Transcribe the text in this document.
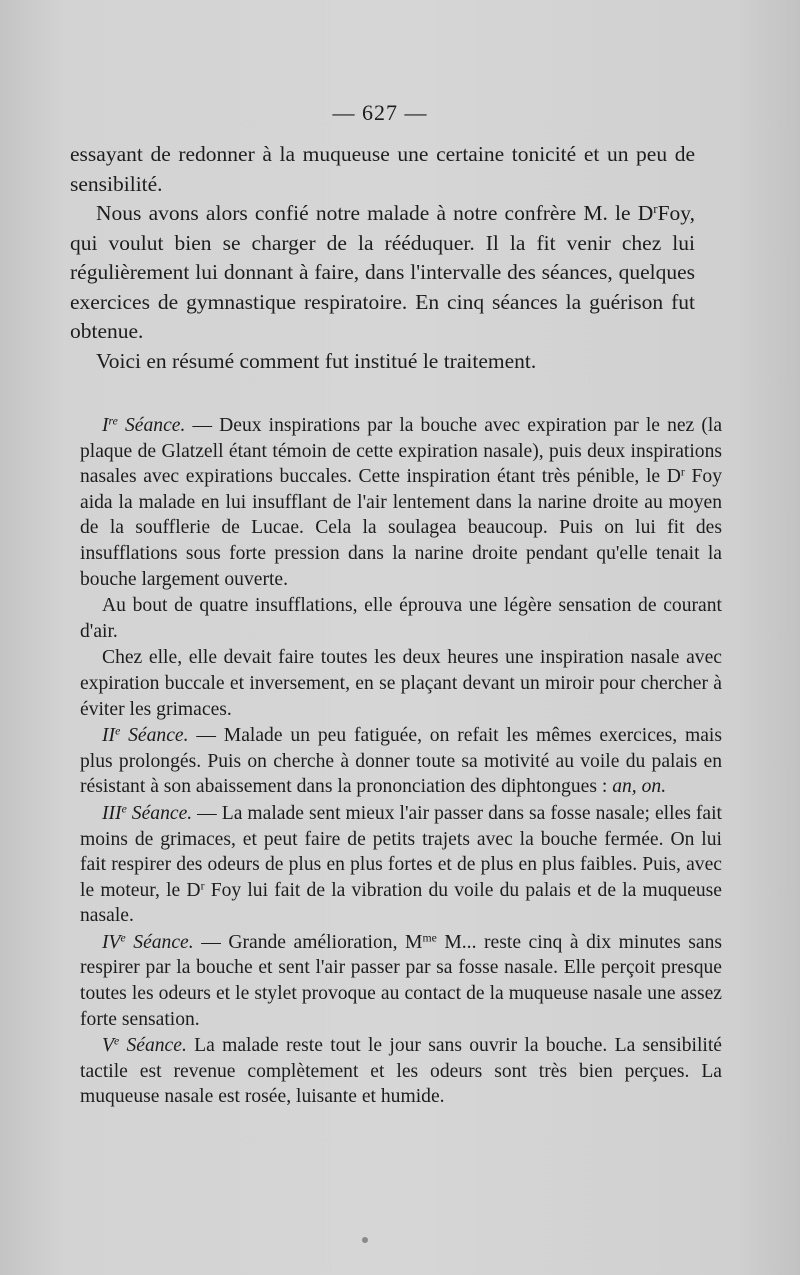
— 627 —

essayant de redonner à la muqueuse une certaine tonicité et un peu de sensibilité.

Nous avons alors confié notre malade à notre confrère M. le $D^rFoy$, qui voulut bien se charger de la rééduquer. Il la fit venir chez lui régulièrement lui donnant à faire, dans l'intervalle des séances, quelques exercices de gymnastique respiratoire. En cinq séances la guérison fut obtenue.

Voici en résumé comment fut institué le traitement.

Ire Séance. — Deux inspirations par la bouche avec expiration par le nez (la plaque de Glatzell étant témoin de cette expiration nasale), puis deux inspirations nasales avec expirations buccales. Cette inspiration étant très pénible, le $D^r$ Foy aida la malade en lui insufflant de l'air lentement dans la narine droite au moyen de la soufflerie de Lucae. Cela la soulagea beaucoup. Puis on lui fit des insufflations sous forte pression dans la narine droite pendant qu'elle tenait la bouche largement ouverte.

Au bout de quatre insufflations, elle éprouva une légère sensation de courant d'air.

Chez elle, elle devait faire toutes les deux heures une inspiration nasale avec expiration buccale et inversement, en se plaçant devant un miroir pour chercher à éviter les grimaces.

IIe Séance. — Malade un peu fatiguée, on refait les mêmes exercices, mais plus prolongés. Puis on cherche à donner toute sa motivité au voile du palais en résistant à son abaissement dans la prononciation des diphtongues : an, on.

IIIe Séance. — La malade sent mieux l'air passer dans sa fosse nasale; elles fait moins de grimaces, et peut faire de petits trajets avec la bouche fermée. On lui fait respirer des odeurs de plus en plus fortes et de plus en plus faibles. Puis, avec le moteur, le $D^r$ Foy lui fait de la vibration du voile du palais et de la muqueuse nasale.

IVe Séance. — Grande amélioration, $M^{me}$ M... reste cinq à dix minutes sans respirer par la bouche et sent l'air passer par sa fosse nasale. Elle perçoit presque toutes les odeurs et le stylet provoque au contact de la muqueuse nasale une assez forte sensation.

Ve Séance. La malade reste tout le jour sans ouvrir la bouche. La sensibilité tactile est revenue complètement et les odeurs sont très bien perçues. La muqueuse nasale est rosée, luisante et humide.
